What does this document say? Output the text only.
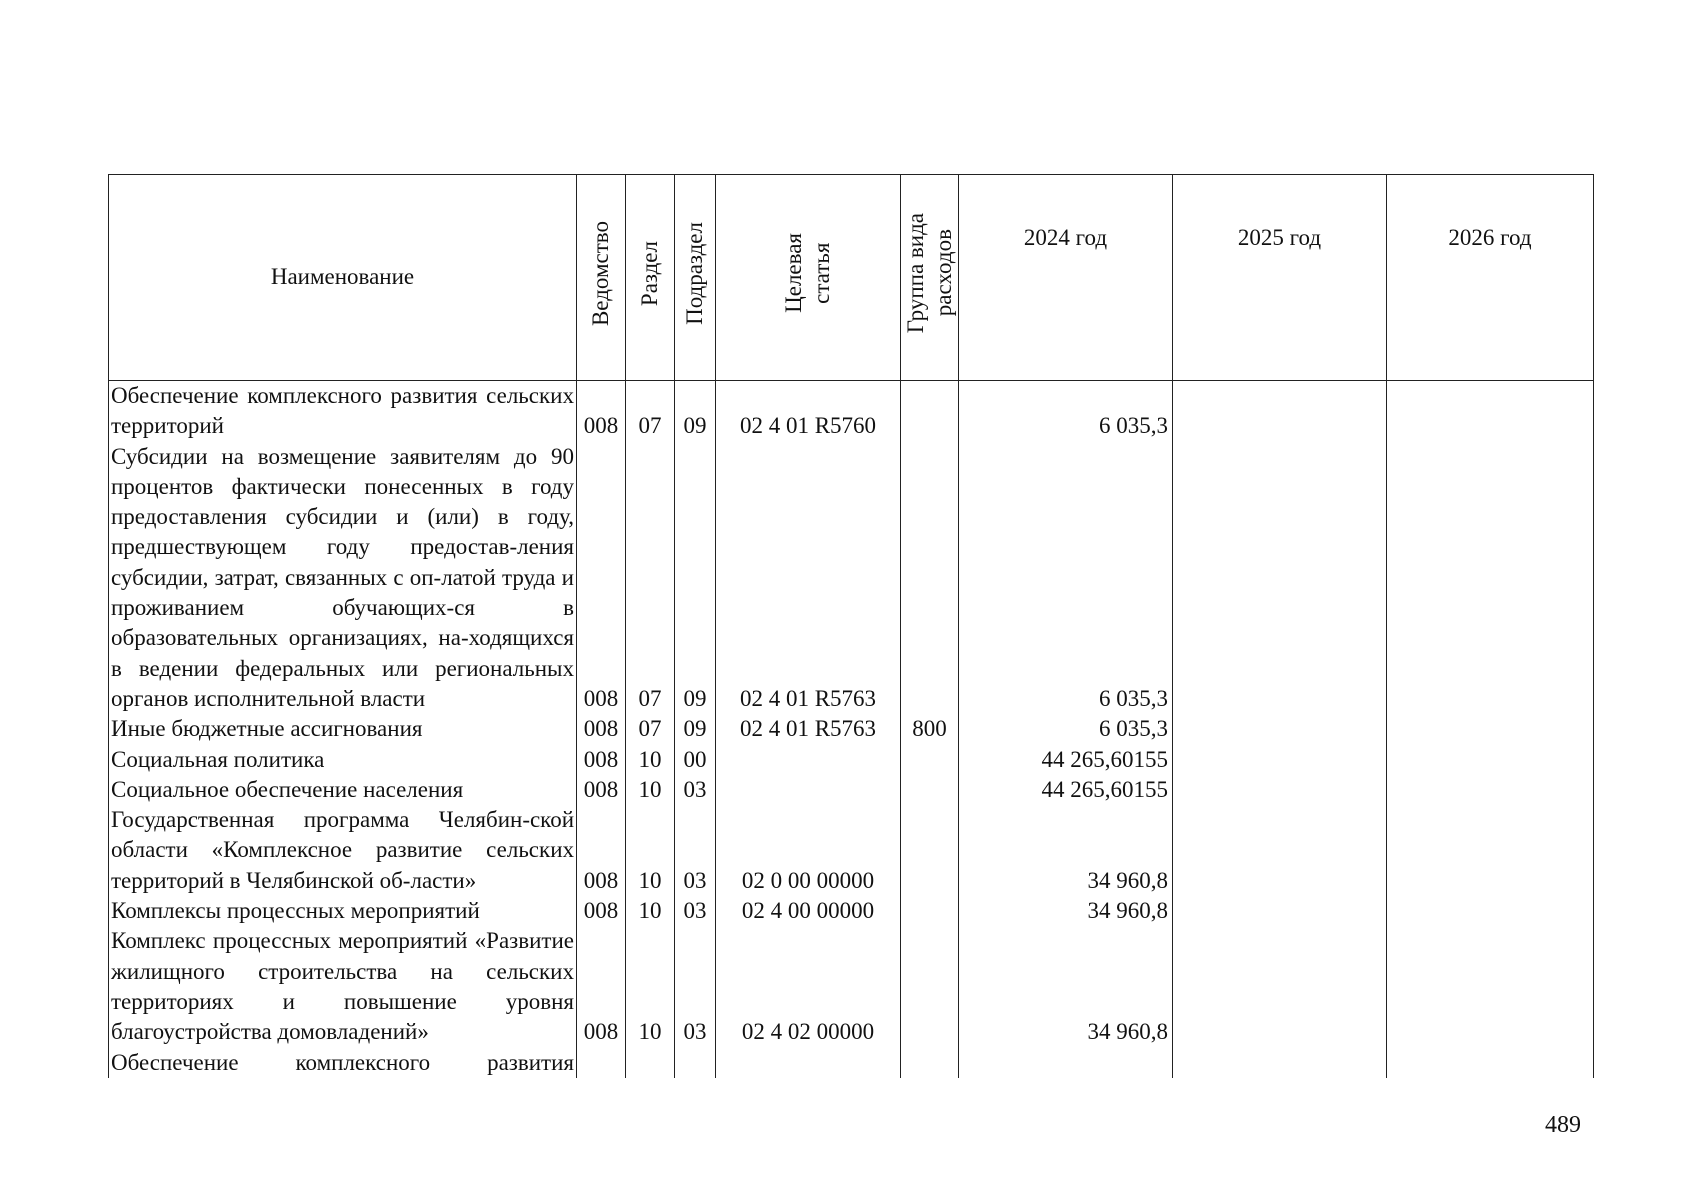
Наименование	Ведомство	Раздел	Подраздел	Целевая статья	Группа вида расходов	2024 год	2025 год	2026 год
Обеспечение комплексного развития сельских территорий	008	07	09	02 4 01 R5760		6 035,3		
Субсидии на возмещение заявителям до 90 процентов фактически понесенных в году предоставления субсидии и (или) в году, предшествующем году предостав-ления субсидии, затрат, связанных с оп-латой труда и проживанием обучающих-ся в образовательных организациях, на-ходящихся в ведении федеральных или региональных органов исполнительной власти	008	07	09	02 4 01 R5763		6 035,3		
Иные бюджетные ассигнования	008	07	09	02 4 01 R5763	800	6 035,3		
Социальная политика	008	10	00			44 265,60155		
Социальное обеспечение населения	008	10	03			44 265,60155		
Государственная программа Челябин-ской области «Комплексное развитие сельских территорий в Челябинской об-ласти»	008	10	03	02 0 00 00000		34 960,8		
Комплексы процессных мероприятий	008	10	03	02 4 00 00000		34 960,8		
Комплекс процессных мероприятий «Развитие жилищного строительства на сельских территориях и повышение уровня благоустройства домовладений»	008	10	03	02 4 02 00000		34 960,8		
Обеспечение комплексного развития								
489
